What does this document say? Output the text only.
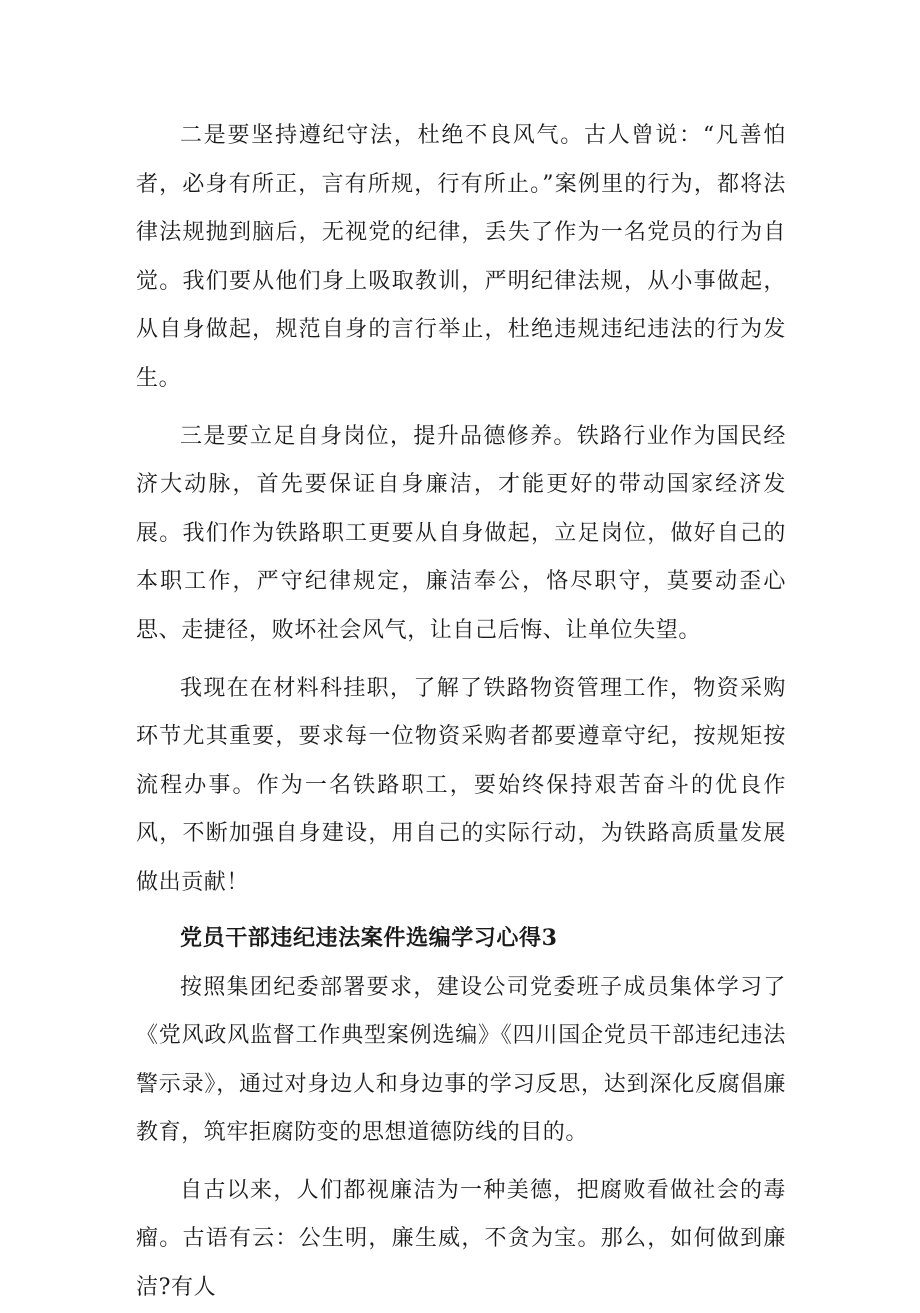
二是要坚持遵纪守法，杜绝不良风气。古人曾说：“凡善怕者，必身有所正，言有所规，行有所止。”案例里的行为，都将法律法规抛到脑后，无视党的纪律，丢失了作为一名党员的行为自觉。我们要从他们身上吸取教训，严明纪律法规，从小事做起，从自身做起，规范自身的言行举止，杜绝违规违纪违法的行为发生。

三是要立足自身岗位，提升品德修养。铁路行业作为国民经济大动脉，首先要保证自身廉洁，才能更好的带动国家经济发展。我们作为铁路职工更要从自身做起，立足岗位，做好自己的本职工作，严守纪律规定，廉洁奉公，恪尽职守，莫要动歪心思、走捷径，败坏社会风气，让自己后悔、让单位失望。

我现在在材料科挂职，了解了铁路物资管理工作，物资采购环节尤其重要，要求每一位物资采购者都要遵章守纪，按规矩按流程办事。作为一名铁路职工，要始终保持艰苦奋斗的优良作风，不断加强自身建设，用自己的实际行动，为铁路高质量发展做出贡献！

党员干部违纪违法案件选编学习心得3

按照集团纪委部署要求，建设公司党委班子成员集体学习了《党风政风监督工作典型案例选编》《四川国企党员干部违纪违法警示录》，通过对身边人和身边事的学习反思，达到深化反腐倡廉教育，筑牢拒腐防变的思想道德防线的目的。

自古以来，人们都视廉洁为一种美德，把腐败看做社会的毒瘤。古语有云：公生明，廉生威，不贪为宝。那么，如何做到廉洁?有人
